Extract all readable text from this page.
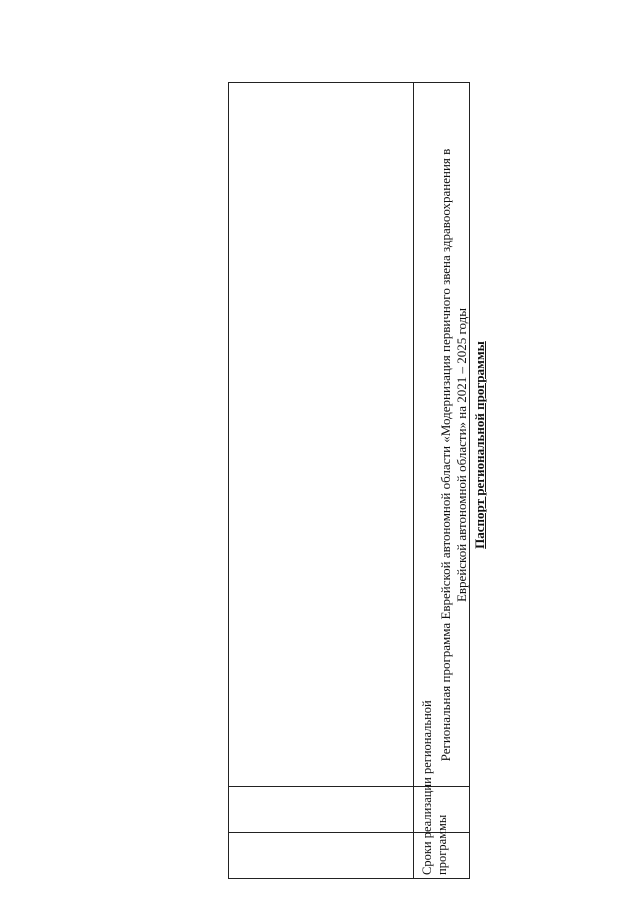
Региональная программа Еврейской автономной области «Модернизация первичного звена здравоохранения в Еврейской автономной области» на 2021 – 2025 годы Паспорт региональной программы
Сроки реализации региональной
программы
